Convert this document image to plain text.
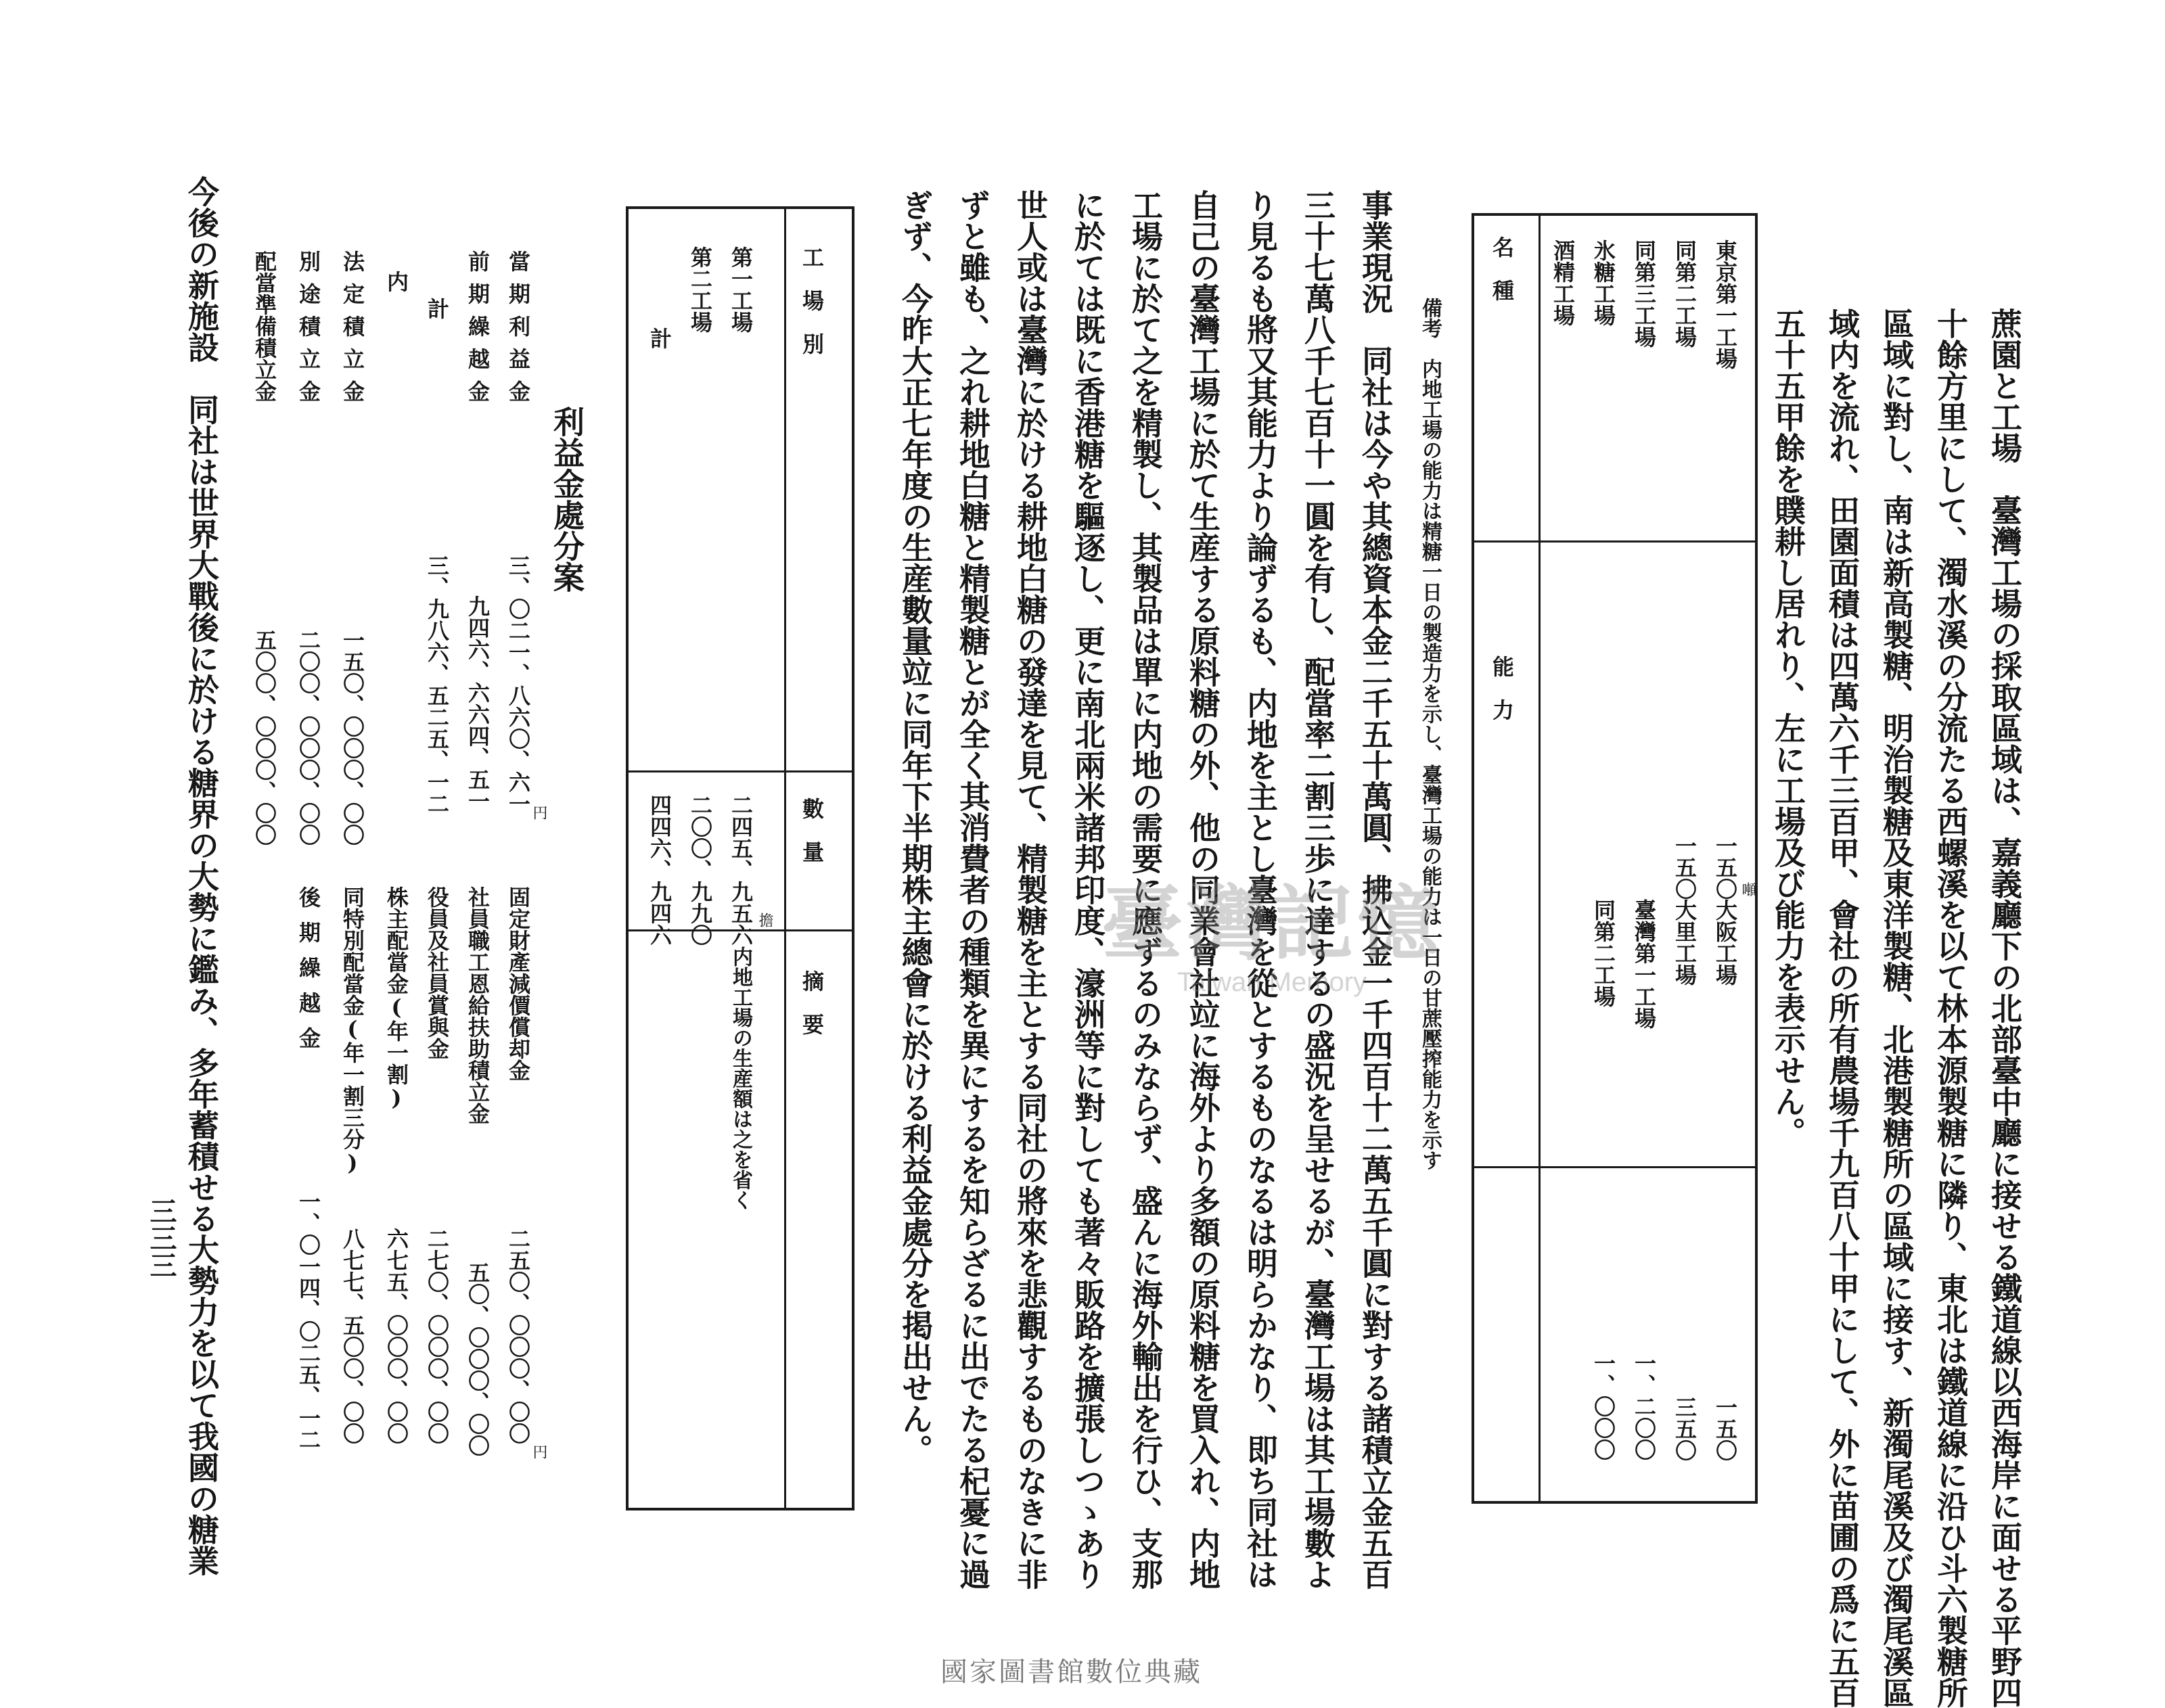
蔗園と工場　臺灣工場の採取區域は、嘉義廳下の北部臺中廳に接せる鐵道線以西海岸に面せる平野四
十餘方里にして、濁水溪の分流たる西螺溪を以て林本源製糖に隣り、東北は鐵道線に沿ひ斗六製糖所
區域に對し、南は新高製糖、明治製糖及東洋製糖、北港製糖所の區域に接す、新濁尾溪及び濁尾溪區
域内を流れ、田園面積は四萬六千三百甲、會社の所有農場千九百八十甲にして、外に苗圃の爲に五百
五十五甲餘を贌耕し居れり、左に工場及び能力を表示せん。
名　種
能　力
東京第一工場
一五〇
同第二工場
一五〇
同第三工場
氷糖工場
酒精工場
噸
大阪工場
一五〇
大里工場
三五〇
臺灣第一工場
一、二〇〇
同第二工場
一、〇〇〇
備考　内地工場の能力は精糖一日の製造力を示し、臺灣工場の能力は一日の甘蔗壓搾能力を示す
事業現況　同社は今や其總資本金二千五十萬圓、拂込金一千四百十二萬五千圓に對する諸積立金五百
三十七萬八千七百十一圓を有し、配當率二割三歩に達するの盛況を呈せるが、臺灣工場は其工場數よ
り見るも將又其能力より論ずるも、内地を主とし臺灣を從とするものなるは明らかなり、即ち同社は
自己の臺灣工場に於て生産する原料糖の外、他の同業會社竝に海外より多額の原料糖を買入れ、内地
工場に於て之を精製し、其製品は單に内地の需要に應ずるのみならず、盛んに海外輸出を行ひ、支那
に於ては既に香港糖を驅逐し、更に南北兩米諸邦印度、濠洲等に對しても著々販路を擴張しつゝあり
世人或は臺灣に於ける耕地白糖の發達を見て、精製糖を主とする同社の將來を悲觀するものなきに非
ずと雖も、之れ耕地白糖と精製糖とが全く其消費者の種類を異にするを知らざるに出でたる杞憂に過
ぎず、今昨大正七年度の生産數量竝に同年下半期株主總會に於ける利益金處分を掲出せん。
工　場　別
數　量
摘　要
第一工場
二四五、九五六
第二工場
二〇〇、九九〇
計
四四六、九四六	擔
内地工場の生産額は之を省く
利益金處分案
當期利益金
三、〇二一、八六〇、六一 円
前期繰越金
九四六、六六四、五一
計
三、九八六、五二五、一二
内
法定積立金
一五〇、〇〇〇、〇〇
別途積立金
二〇〇、〇〇〇、〇〇
配當準備積立金
五〇〇、〇〇〇、〇〇
固定財產減價償却金
二五〇、〇〇〇、〇〇
円
社員職工恩給扶助積立金
五〇、〇〇〇、〇〇
役員及社員賞與金
二七〇、〇〇〇、〇〇
株主配當金(年一割)
六七五、〇〇〇、〇〇
同特別配當金(年一割三分)
八七七、五〇〇、〇〇
後期繰越金
一、〇一四、〇二五、一二
今後の新施設　同社は世界大戰後に於ける糖界の大勢に鑑み、多年蓄積せる大勢力を以て我國の糖業
三三三
臺灣記憶
Taiwan Memory
國家圖書館數位典藏
